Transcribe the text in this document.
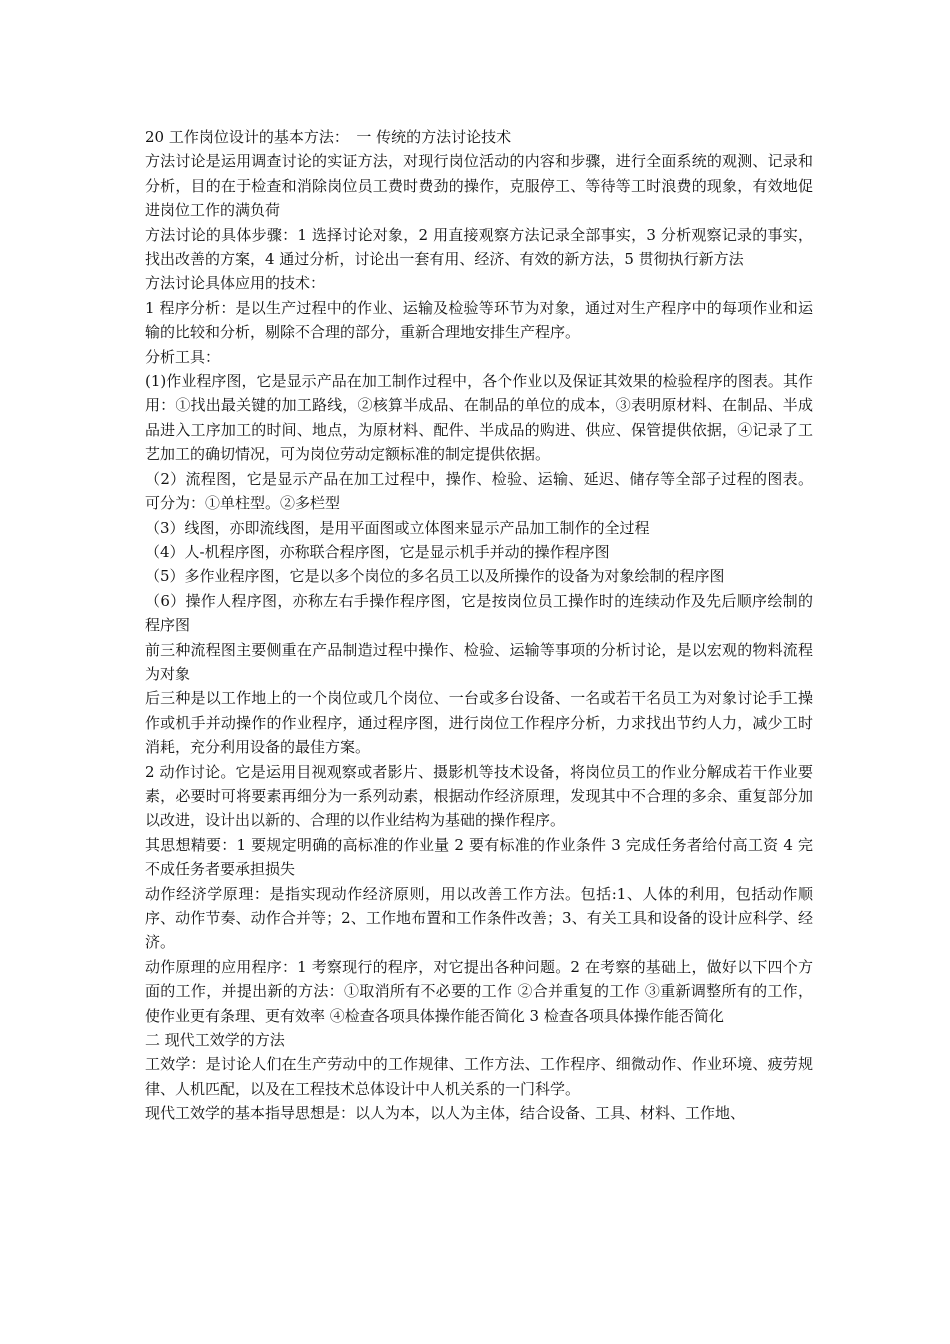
20 工作岗位设计的基本方法：　一 传统的方法讨论技术

方法讨论是运用调查讨论的实证方法，对现行岗位活动的内容和步骤，进行全面系统的观测、记录和分析，目的在于检查和消除岗位员工费时费劲的操作，克服停工、等待等工时浪费的现象，有效地促进岗位工作的满负荷

方法讨论的具体步骤：1 选择讨论对象，2 用直接观察方法记录全部事实，3 分析观察记录的事实，找出改善的方案，4 通过分析，讨论出一套有用、经济、有效的新方法，5 贯彻执行新方法

方法讨论具体应用的技术：

1 程序分析：是以生产过程中的作业、运输及检验等环节为对象，通过对生产程序中的每项作业和运输的比较和分析，剔除不合理的部分，重新合理地安排生产程序。

分析工具：

(1)作业程序图，它是显示产品在加工制作过程中，各个作业以及保证其效果的检验程序的图表。其作用：①找出最关键的加工路线，②核算半成品、在制品的单位的成本，③表明原材料、在制品、半成品进入工序加工的时间、地点，为原材料、配件、半成品的购进、供应、保管提供依据，④记录了工艺加工的确切情况，可为岗位劳动定额标准的制定提供依据。

（2）流程图，它是显示产品在加工过程中，操作、检验、运输、延迟、储存等全部子过程的图表。可分为：①单柱型。②多栏型

（3）线图，亦即流线图，是用平面图或立体图来显示产品加工制作的全过程

（4）人-机程序图，亦称联合程序图，它是显示机手并动的操作程序图

（5）多作业程序图，它是以多个岗位的多名员工以及所操作的设备为对象绘制的程序图

（6）操作人程序图，亦称左右手操作程序图，它是按岗位员工操作时的连续动作及先后顺序绘制的程序图

前三种流程图主要侧重在产品制造过程中操作、检验、运输等事项的分析讨论，是以宏观的物料流程为对象

后三种是以工作地上的一个岗位或几个岗位、一台或多台设备、一名或若干名员工为对象讨论手工操作或机手并动操作的作业程序，通过程序图，进行岗位工作程序分析，力求找出节约人力，减少工时消耗，充分利用设备的最佳方案。

2 动作讨论。它是运用目视观察或者影片、摄影机等技术设备，将岗位员工的作业分解成若干作业要素，必要时可将要素再细分为一系列动素，根据动作经济原理，发现其中不合理的多余、重复部分加以改进，设计出以新的、合理的以作业结构为基础的操作程序。

其思想精要：1 要规定明确的高标准的作业量 2 要有标准的作业条件 3 完成任务者给付高工资 4 完不成任务者要承担损失

动作经济学原理：是指实现动作经济原则，用以改善工作方法。包括:1、人体的利用，包括动作顺序、动作节奏、动作合并等；2、工作地布置和工作条件改善；3、有关工具和设备的设计应科学、经济。

动作原理的应用程序：1 考察现行的程序，对它提出各种问题。2 在考察的基础上，做好以下四个方面的工作，并提出新的方法：①取消所有不必要的工作 ②合并重复的工作 ③重新调整所有的工作，使作业更有条理、更有效率 ④检查各项具体操作能否简化 3 检查各项具体操作能否简化

二 现代工效学的方法

工效学：是讨论人们在生产劳动中的工作规律、工作方法、工作程序、细微动作、作业环境、疲劳规律、人机匹配，以及在工程技术总体设计中人机关系的一门科学。

现代工效学的基本指导思想是：以人为本，以人为主体，结合设备、工具、材料、工作地、
